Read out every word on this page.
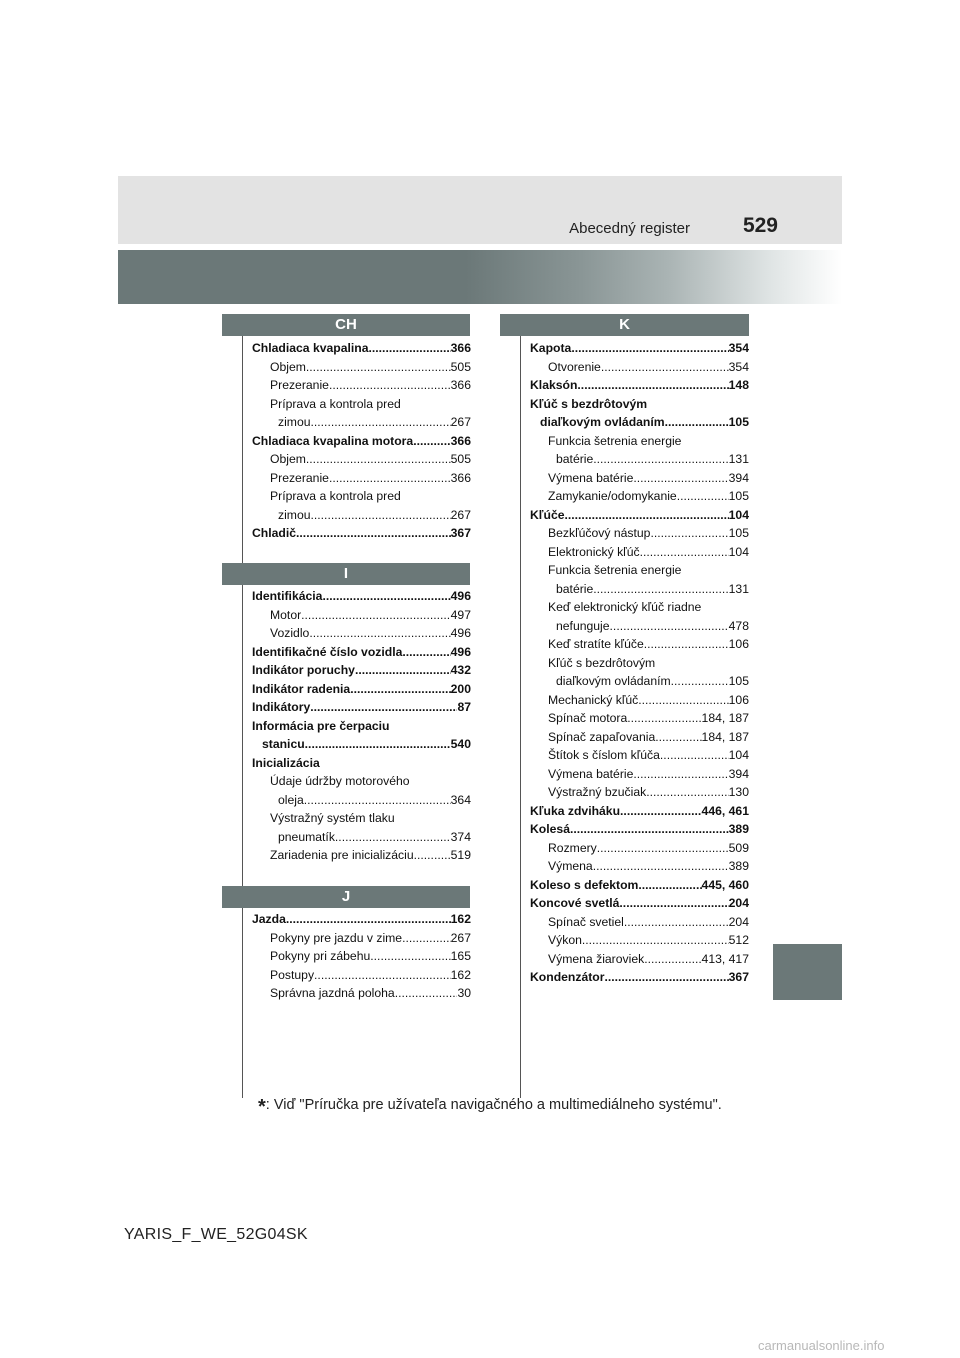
Abecedný register	529
CH
Chladiaca kvapalina .....	366
Objem .....	505
Prezeranie .....	366
Príprava a kontrola pred
zimou .....	267
Chladiaca kvapalina motora .....	366
Objem .....	505
Prezeranie .....	366
Príprava a kontrola pred
zimou .....	267
Chladič .....	367
I
Identifikácia .....	496
Motor .....	497
Vozidlo .....	496
Identifikačné číslo vozidla .....	496
Indikátor poruchy .....	432
Indikátor radenia .....	200
Indikátory .....	87
Informácia pre čerpaciu
stanicu .....	540
Inicializácia
Údaje údržby motorového
oleja .....	364
Výstražný systém tlaku
pneumatík .....	374
Zariadenia pre inicializáciu .....	519
J
Jazda .....	162
Pokyny pre jazdu v zime .....	267
Pokyny pri zábehu .....	165
Postupy .....	162
Správna jazdná poloha .....	30
K
Kapota .....	354
Otvorenie .....	354
Klaksón .....	148
Kľúč s bezdrôtovým
diaľkovým ovládaním .....	105
Funkcia šetrenia energie
batérie .....	131
Výmena batérie .....	394
Zamykanie/odomykanie .....	105
Kľúče .....	104
Bezkľúčový nástup .....	105
Elektronický kľúč .....	104
Funkcia šetrenia energie
batérie .....	131
Keď elektronický kľúč riadne
nefunguje .....	478
Keď stratíte kľúče .....	106
Kľúč s bezdrôtovým
diaľkovým ovládaním .....	105
Mechanický kľúč .....	106
Spínač motora .....	184, 187
Spínač zapaľovania .....	184, 187
Štítok s číslom kľúča .....	104
Výmena batérie .....	394
Výstražný bzučiak .....	130
Kľuka zdviháku .....	446, 461
Kolesá .....	389
Rozmery .....	509
Výmena .....	389
Koleso s defektom .....	445, 460
Koncové svetlá .....	204
Spínač svetiel .....	204
Výkon .....	512
Výmena žiaroviek .....	413, 417
Kondenzátor .....	367
*: Viď "Príručka pre užívateľa navigačného a multimediálneho systému".
YARIS_F_WE_52G04SK
carmanualsonline.info
